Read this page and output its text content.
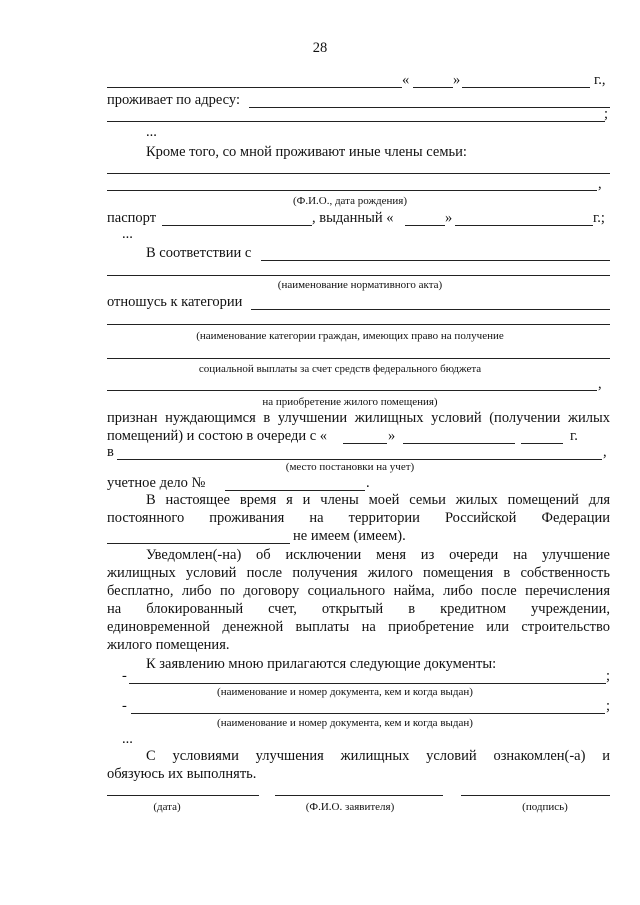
28
«	»	г.,
проживает по адресу:
;
...
Кроме того, со мной проживают иные члены семьи:
,
(Ф.И.О., дата рождения)
паспорт	, выданный «	»	г.;
...
В соответствии с
(наименование нормативного акта)
отношусь к категории
(наименование категории граждан, имеющих право на получение
социальной выплаты за счет средств федерального бюджета
,
на приобретение жилого помещения)
признан нуждающимся в улучшении жилищных условий (получении жилых
помещений) и состою в очереди с «	»	г.
в	,
(место постановки на учет)
учетное дело №	.
В настоящее время я и члены моей семьи жилых помещений для
постоянного проживания на территории Российской Федерации
не имеем (имеем).
Уведомлен(-на) об исключении меня из очереди на улучшение
жилищных условий после получения жилого помещения в собственность
бесплатно, либо по договору социального найма, либо после перечисления
на блокированный счет, открытый в кредитном учреждении,
единовременной денежной выплаты на приобретение или строительство
жилого помещения.
К заявлению мною прилагаются следующие документы:
-	;
(наименование и номер документа, кем и когда выдан)
-	;
(наименование и номер документа, кем и когда выдан)
...
С условиями улучшения жилищных условий ознакомлен(-а) и
обязуюсь их выполнять.
(дата)	(Ф.И.О. заявителя)	(подпись)
